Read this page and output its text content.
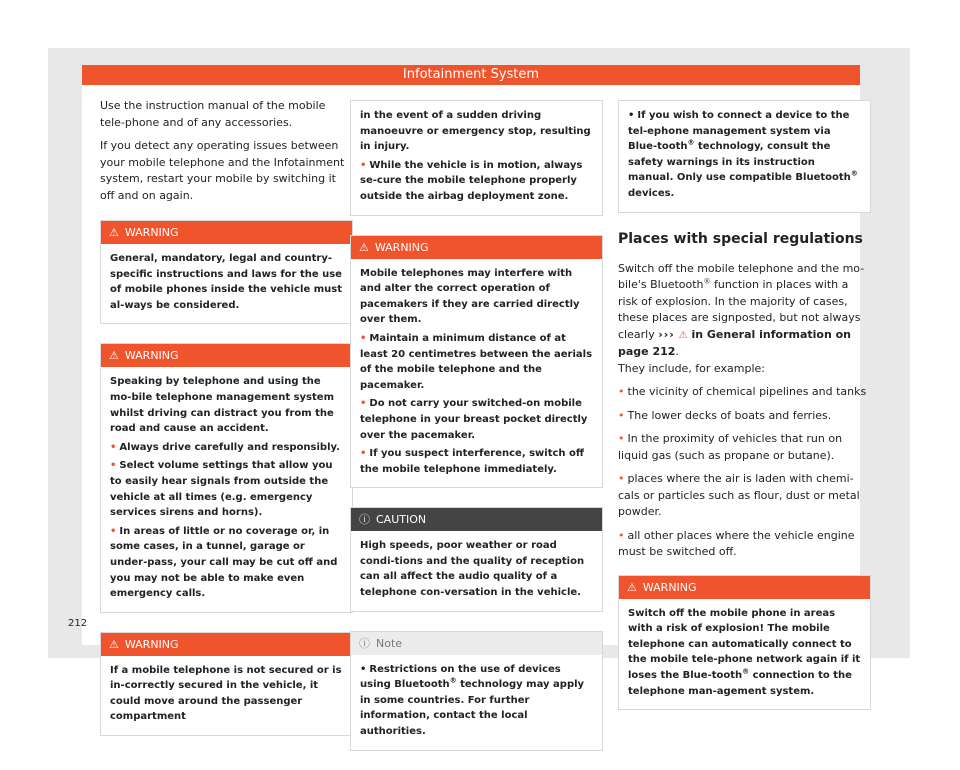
Infotainment System
212

Use the instruction manual of the mobile tele-phone and of any accessories.

If you detect any operating issues between your mobile telephone and the Infotainment system, restart your mobile by switching it off and on again.

⚠ WARNING

General, mandatory, legal and country-specific instructions and laws for the use of mobile phones inside the vehicle must al-ways be considered.

⚠ WARNING

Speaking by telephone and using the mo-bile telephone management system whilst driving can distract you from the road and cause an accident.

• Always drive carefully and responsibly.

• Select volume settings that allow you to easily hear signals from outside the vehicle at all times (e.g. emergency services sirens and horns).

• In areas of little or no coverage or, in some cases, in a tunnel, garage or under-pass, your call may be cut off and you may not be able to make even emergency calls.

⚠ WARNING

If a mobile telephone is not secured or is in-correctly secured in the vehicle, it could move around the passenger compartment

in the event of a sudden driving manoeuvre or emergency stop, resulting in injury.

• While the vehicle is in motion, always se-cure the mobile telephone properly outside the airbag deployment zone.

⚠ WARNING

Mobile telephones may interfere with and alter the correct operation of pacemakers if they are carried directly over them.

• Maintain a minimum distance of at least 20 centimetres between the aerials of the mobile telephone and the pacemaker.

• Do not carry your switched-on mobile telephone in your breast pocket directly over the pacemaker.

• If you suspect interference, switch off the mobile telephone immediately.

ⓘ CAUTION

High speeds, poor weather or road condi-tions and the quality of reception can all affect the audio quality of a telephone con-versation in the vehicle.

ⓘ Note

• Restrictions on the use of devices using Bluetooth® technology may apply in some countries. For further information, contact the local authorities.

• If you wish to connect a device to the tel-ephone management system via Blue-tooth® technology, consult the safety warnings in its instruction manual. Only use compatible Bluetooth® devices.

Places with special regulations

Switch off the mobile telephone and the mo-bile's Bluetooth® function in places with a risk of explosion. In the majority of cases, these places are signposted, but not always clearly ››› ⚠ in General information on page 212.
They include, for example:

• the vicinity of chemical pipelines and tanks

• The lower decks of boats and ferries.

• In the proximity of vehicles that run on liquid gas (such as propane or butane).

• places where the air is laden with chemi-cals or particles such as flour, dust or metal powder.

• all other places where the vehicle engine must be switched off.

⚠ WARNING

Switch off the mobile phone in areas with a risk of explosion! The mobile telephone can automatically connect to the mobile tele-phone network again if it loses the Blue-tooth® connection to the telephone man-agement system.
